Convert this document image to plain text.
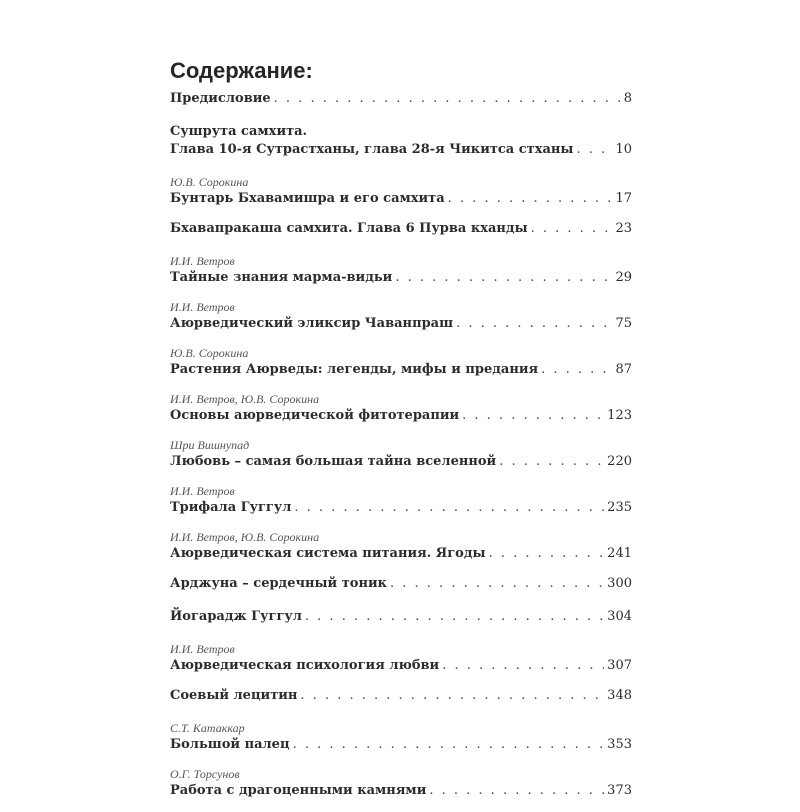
Содержание:
Предисловие . . .	8
Сушрута самхита.
Глава 10-я Сутрастханы, глава 28-я Чикитса стханы . . .	10
Ю.В. Сорокина
Бунтарь Бхавамишра и его самхита . . .	17
Бхавапракаша самхита. Глава 6 Пурва кханды . . .	23
И.И. Ветров
Тайные знания марма-видьи . . .	29
И.И. Ветров
Аюрведический эликсир Чаванпраш . . .	75
Ю.В. Сорокина
Растения Аюрведы: легенды, мифы и предания . . .	87
И.И. Ветров, Ю.В. Сорокина
Основы аюрведической фитотерапии . . .	123
Шри Вишнупад
Любовь – самая большая тайна вселенной . . .	220
И.И. Ветров
Трифала Гуггул . . .	235
И.И. Ветров, Ю.В. Сорокина
Аюрведическая система питания. Ягоды . . .	241
Арджуна – сердечный тоник . . .	300
Йогарадж Гуггул . . .	304
И.И. Ветров
Аюрведическая психология любви . . .	307
Соевый лецитин . . .	348
С.Т. Катаккар
Большой палец . . .	353
О.Г. Торсунов
Работа с драгоценными камнями . . .	373
